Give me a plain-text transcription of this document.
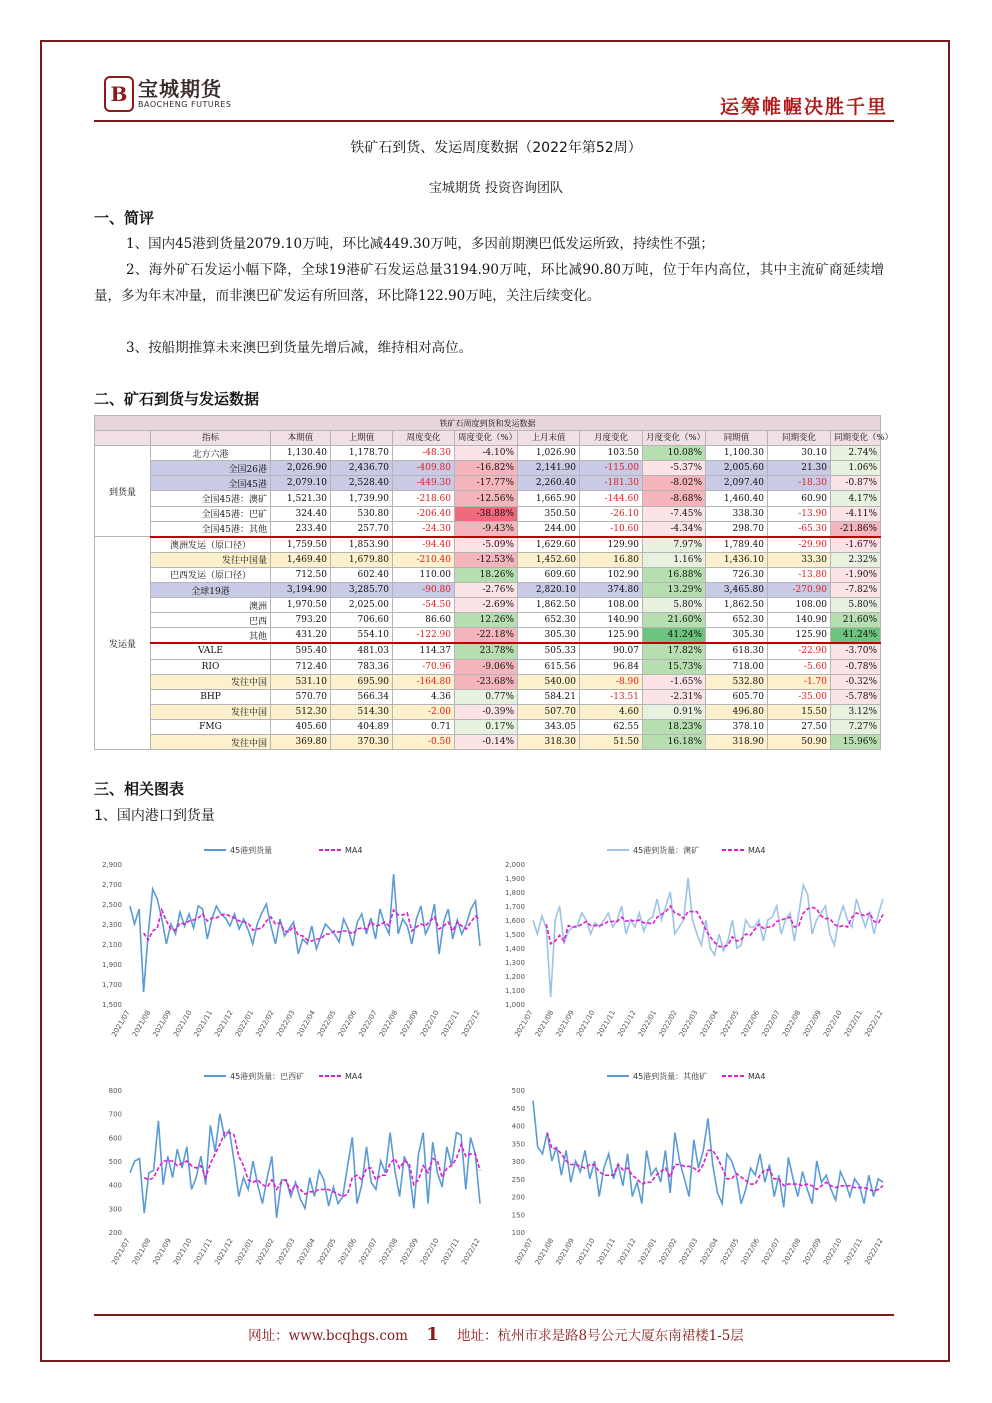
B 宝城期货
BAOCHENG FUTURES	运筹帷幄决胜千里
铁矿石到货、发运周度数据（2022年第52周）
宝城期货 投资咨询团队
一、简评
1、国内45港到货量2079.10万吨，环比减449.30万吨，多因前期澳巴低发运所致，持续性不强；
2、海外矿石发运小幅下降，全球19港矿石发运总量3194.90万吨，环比减90.80万吨，位于年内高位，其中主流矿商延续增量，多为年末冲量，而非澳巴矿发运有所回落，环比降122.90万吨，关注后续变化。
3、按船期推算未来澳巴到货量先增后减，维持相对高位。
二、矿石到货与发运数据
铁矿石周度到货和发运数据											
	指标	本期值	上期值	周度变化	周度变化（%）	上月末值	月度变化	月度变化（%）	同期值	同期变化	同期变化（%）
到货量	北方六港	1,130.40	1,178.70	-48.30	-4.10%	1,026.90	103.50	10.08%	1,100.30	30.10	2.74%
	全国26港	2,026.90	2,436.70	-409.80	-16.82%	2,141.90	-115.00	-5.37%	2,005.60	21.30	1.06%
	全国45港	2,079.10	2,528.40	-449.30	-17.77%	2,260.40	-181.30	-8.02%	2,097.40	-18.30	-0.87%
	全国45港：澳矿	1,521.30	1,739.90	-218.60	-12.56%	1,665.90	-144.60	-8.68%	1,460.40	60.90	4.17%
	全国45港：巴矿	324.40	530.80	-206.40	-38.88%	350.50	-26.10	-7.45%	338.30	-13.90	-4.11%
	全国45港：其他	233.40	257.70	-24.30	-9.43%	244.00	-10.60	-4.34%	298.70	-65.30	-21.86%
发运量	澳洲发运（原口径）	1,759.50	1,853.90	-94.40	-5.09%	1,629.60	129.90	7.97%	1,789.40	-29.90	-1.67%
	发往中国量	1,469.40	1,679.80	-210.40	-12.53%	1,452.60	16.80	1.16%	1,436.10	33.30	2.32%
	巴西发运（原口径）	712.50	602.40	110.00	18.26%	609.60	102.90	16.88%	726.30	-13.80	-1.90%
	全球19港	3,194.90	3,285.70	-90.80	-2.76%	2,820.10	374.80	13.29%	3,465.80	-270.90	-7.82%
	澳洲	1,970.50	2,025.00	-54.50	-2.69%	1,862.50	108.00	5.80%	1,862.50	108.00	5.80%
	巴西	793.20	706.60	86.60	12.26%	652.30	140.90	21.60%	652.30	140.90	21.60%
	其他	431.20	554.10	-122.90	-22.18%	305.30	125.90	41.24%	305.30	125.90	41.24%
	VALE	595.40	481.03	114.37	23.78%	505.33	90.07	17.82%	618.30	-22.90	-3.70%
	RIO	712.40	783.36	-70.96	-9.06%	615.56	96.84	15.73%	718.00	-5.60	-0.78%
	发往中国	531.10	695.90	-164.80	-23.68%	540.00	-8.90	-1.65%	532.80	-1.70	-0.32%
	BHP	570.70	566.34	4.36	0.77%	584.21	-13.51	-2.31%	605.70	-35.00	-5.78%
	发往中国	512.30	514.30	-2.00	-0.39%	507.70	4.60	0.91%	496.80	15.50	3.12%
	FMG	405.60	404.89	0.71	0.17%	343.05	62.55	18.23%	378.10	27.50	7.27%
	发往中国	369.80	370.30	-0.50	-0.14%	318.30	51.50	16.18%	318.90	50.90	15.96%
三、相关图表
1、国内港口到货量
1,500
1,700
1,900
2,100
2,300
2,500
2,700
2,900
2021/07 2021/08 2021/09 2021/10 2021/11 2021/12 2022/01 2022/02 2022/03 2022/04 2022/05 2022/06 2022/07 2022/08 2022/09 2022/10 2022/11 2022/12
45港到货量	MA4
1,000
1,100
1,200
1,300
1,400
1,500
1,600
1,700
1,800
1,900
2,000
2021/07 2021/08 2021/09 2021/10 2021/11 2021/12 2022/01 2022/02 2022/03 2022/04 2022/05 2022/06 2022/07 2022/08 2022/09 2022/10 2022/11 2022/12
45港到货量：澳矿	MA4
200
300
400
500
600
700
800
2021/07 2021/08 2021/09 2021/10 2021/11 2021/12 2022/01 2022/02 2022/03 2022/04 2022/05 2022/06 2022/07 2022/08 2022/09 2022/10 2022/11 2022/12
45港到货量：巴西矿	MA4
100
150
200
250
300
350
400
450
500
2021/07 2021/08 2021/09 2021/10 2021/11 2021/12 2022/01 2022/02 2022/03 2022/04 2022/05 2022/06 2022/07 2022/08 2022/09 2022/10 2022/11 2022/12
45港到货量：其他矿	MA4
网址：www.bcqhgs.com 1 地址：杭州市求是路8号公元大厦东南裙楼1-5层
